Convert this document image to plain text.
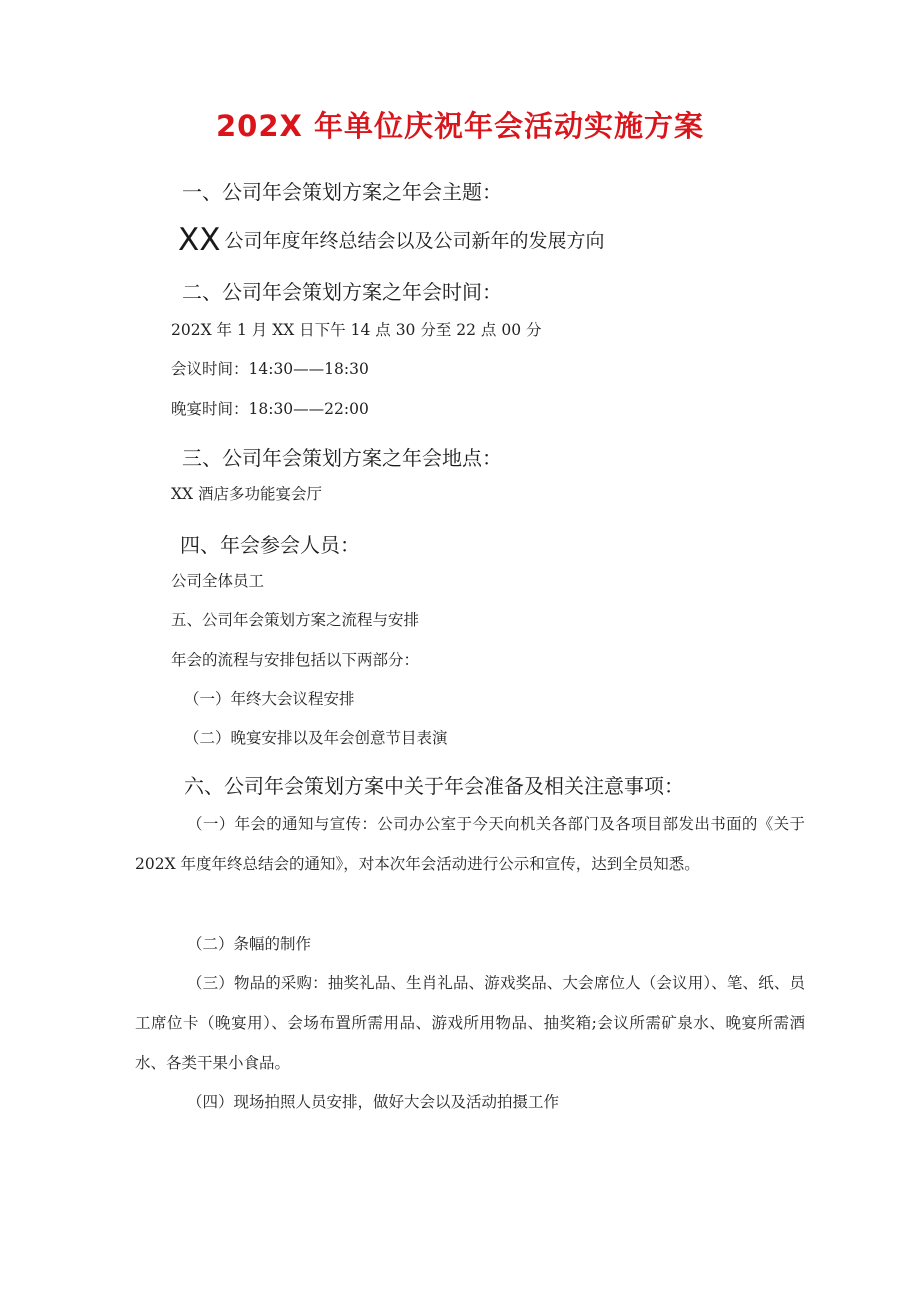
202X 年单位庆祝年会活动实施方案

一、公司年会策划方案之年会主题：

XX 公司年度年终总结会以及公司新年的发展方向

二、公司年会策划方案之年会时间：

202X 年 1 月 XX 日下午 14 点 30 分至 22 点 00 分

会议时间：14:30——18:30

晚宴时间：18:30——22:00

三、公司年会策划方案之年会地点：

XX 酒店多功能宴会厅

四、年会参会人员：

公司全体员工

五、公司年会策划方案之流程与安排

年会的流程与安排包括以下两部分：

（一）年终大会议程安排

（二）晚宴安排以及年会创意节目表演

六、公司年会策划方案中关于年会准备及相关注意事项：

（一）年会的通知与宣传：公司办公室于今天向机关各部门及各项目部发出书面的《关于 202X 年度年终总结会的通知》，对本次年会活动进行公示和宣传，达到全员知悉。

（二）条幅的制作

（三）物品的采购：抽奖礼品、生肖礼品、游戏奖品、大会席位人（会议用）、笔、纸、员工席位卡（晚宴用）、会场布置所需用品、游戏所用物品、抽奖箱;会议所需矿泉水、晚宴所需酒水、各类干果小食品。

（四）现场拍照人员安排，做好大会以及活动拍摄工作
